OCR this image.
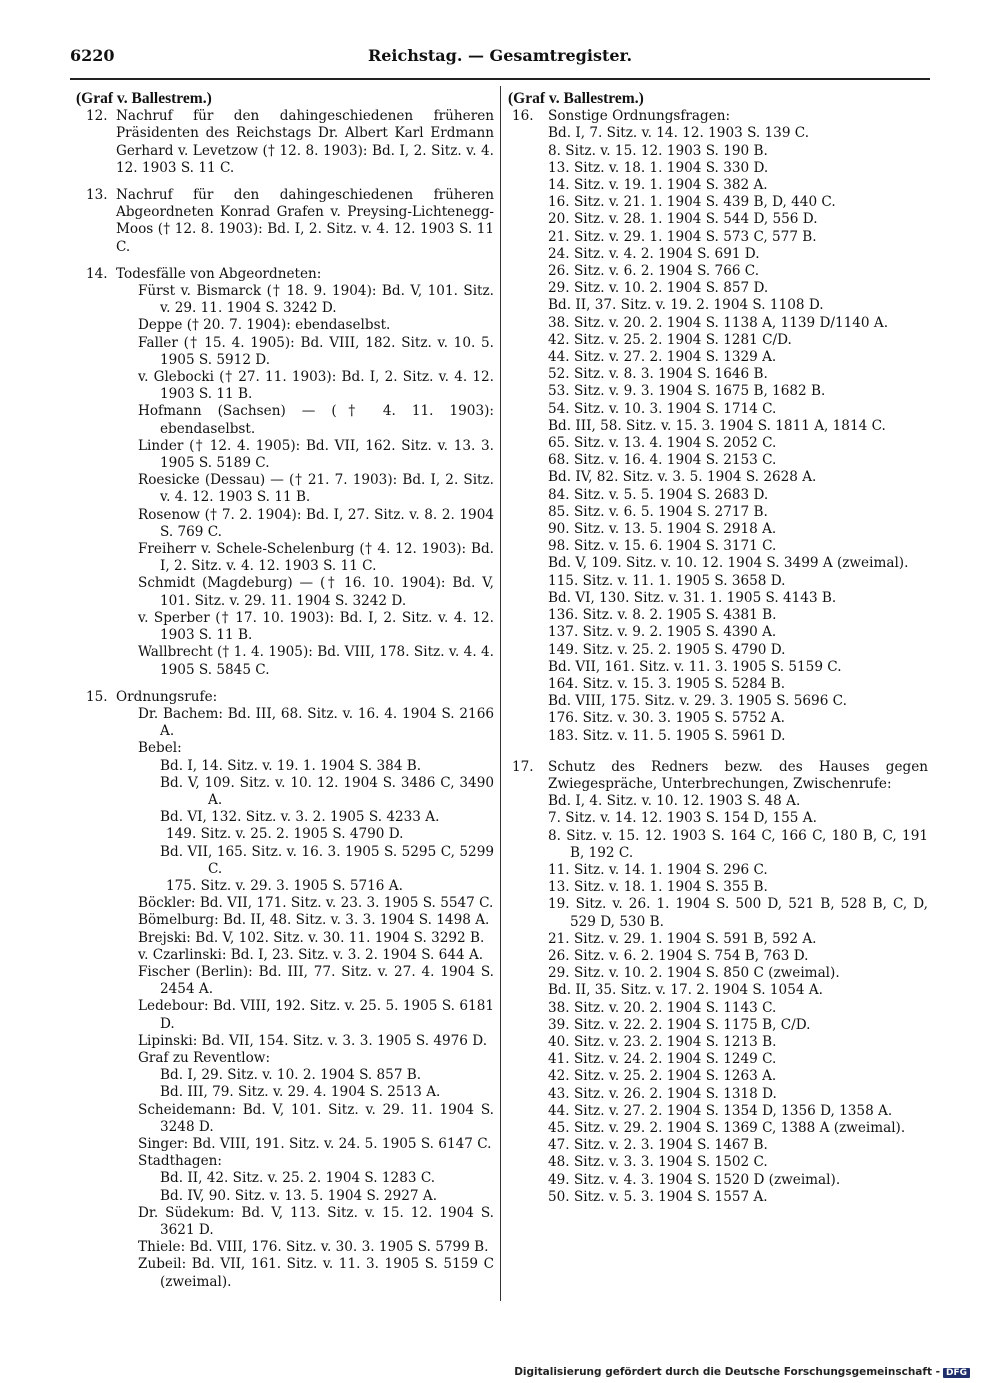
6220	Reichstag. — Gesamtregister.
(Graf v. Ballestrem.)
12. Nachruf für den dahingeschiedenen früheren Präsidenten des Reichstags Dr. Albert Karl Erdmann Gerhard v. Levetzow († 12. 8. 1903): Bd. I, 2. Sitz. v. 4. 12. 1903 S. 11 C.
13. Nachruf für den dahingeschiedenen früheren Abgeordneten Konrad Grafen v. Preysing-Lichtenegg-Moos († 12. 8. 1903): Bd. I, 2. Sitz. v. 4. 12. 1903 S. 11 C.
14. Todesfälle von Abgeordneten:
Fürst v. Bismarck († 18. 9. 1904): Bd. V, 101. Sitz. v. 29. 11. 1904 S. 3242 D.
Deppe († 20. 7. 1904): ebendaselbst.
Faller († 15. 4. 1905): Bd. VIII, 182. Sitz. v. 10. 5. 1905 S. 5912 D.
v. Glebocki († 27. 11. 1903): Bd. I, 2. Sitz. v. 4. 12. 1903 S. 11 B.
Hofmann (Sachsen) — († 4. 11. 1903): ebendaselbst.
Linder († 12. 4. 1905): Bd. VII, 162. Sitz. v. 13. 3. 1905 S. 5189 C.
Roesicke (Dessau) — († 21. 7. 1903): Bd. I, 2. Sitz. v. 4. 12. 1903 S. 11 B.
Rosenow († 7. 2. 1904): Bd. I, 27. Sitz. v. 8. 2. 1904 S. 769 C.
Freiherr v. Schele-Schelenburg († 4. 12. 1903): Bd. I, 2. Sitz. v. 4. 12. 1903 S. 11 C.
Schmidt (Magdeburg) — († 16. 10. 1904): Bd. V, 101. Sitz. v. 29. 11. 1904 S. 3242 D.
v. Sperber († 17. 10. 1903): Bd. I, 2. Sitz. v. 4. 12. 1903 S. 11 B.
Wallbrecht († 1. 4. 1905): Bd. VIII, 178. Sitz. v. 4. 4. 1905 S. 5845 C.
15. Ordnungsrufe:
Dr. Bachem: Bd. III, 68. Sitz. v. 16. 4. 1904 S. 2166 A.
Bebel:
Bd. I, 14. Sitz. v. 19. 1. 1904 S. 384 B.
Bd. V, 109. Sitz. v. 10. 12. 1904 S. 3486 C, 3490 A.
Bd. VI, 132. Sitz. v. 3. 2. 1905 S. 4233 A.
149. Sitz. v. 25. 2. 1905 S. 4790 D.
Bd. VII, 165. Sitz. v. 16. 3. 1905 S. 5295 C, 5299 C.
175. Sitz. v. 29. 3. 1905 S. 5716 A.
Böckler: Bd. VII, 171. Sitz. v. 23. 3. 1905 S. 5547 C.
Bömelburg: Bd. II, 48. Sitz. v. 3. 3. 1904 S. 1498 A.
Brejski: Bd. V, 102. Sitz. v. 30. 11. 1904 S. 3292 B.
v. Czarlinski: Bd. I, 23. Sitz. v. 3. 2. 1904 S. 644 A.
Fischer (Berlin): Bd. III, 77. Sitz. v. 27. 4. 1904 S. 2454 A.
Ledebour: Bd. VIII, 192. Sitz. v. 25. 5. 1905 S. 6181 D.
Lipinski: Bd. VII, 154. Sitz. v. 3. 3. 1905 S. 4976 D.
Graf zu Reventlow:
Bd. I, 29. Sitz. v. 10. 2. 1904 S. 857 B.
Bd. III, 79. Sitz. v. 29. 4. 1904 S. 2513 A.
Scheidemann: Bd. V, 101. Sitz. v. 29. 11. 1904 S. 3248 D.
Singer: Bd. VIII, 191. Sitz. v. 24. 5. 1905 S. 6147 C.
Stadthagen:
Bd. II, 42. Sitz. v. 25. 2. 1904 S. 1283 C.
Bd. IV, 90. Sitz. v. 13. 5. 1904 S. 2927 A.
Dr. Südekum: Bd. V, 113. Sitz. v. 15. 12. 1904 S. 3621 D.
Thiele: Bd. VIII, 176. Sitz. v. 30. 3. 1905 S. 5799 B.
Zubeil: Bd. VII, 161. Sitz. v. 11. 3. 1905 S. 5159 C (zweimal).
(Graf v. Ballestrem.)
16. Sonstige Ordnungsfragen:
Bd. I, 7. Sitz. v. 14. 12. 1903 S. 139 C.
8. Sitz. v. 15. 12. 1903 S. 190 B.
13. Sitz. v. 18. 1. 1904 S. 330 D.
14. Sitz. v. 19. 1. 1904 S. 382 A.
16. Sitz. v. 21. 1. 1904 S. 439 B, D, 440 C.
20. Sitz. v. 28. 1. 1904 S. 544 D, 556 D.
21. Sitz. v. 29. 1. 1904 S. 573 C, 577 B.
24. Sitz. v. 4. 2. 1904 S. 691 D.
26. Sitz. v. 6. 2. 1904 S. 766 C.
29. Sitz. v. 10. 2. 1904 S. 857 D.
Bd. II, 37. Sitz. v. 19. 2. 1904 S. 1108 D.
38. Sitz. v. 20. 2. 1904 S. 1138 A, 1139 D/1140 A.
42. Sitz. v. 25. 2. 1904 S. 1281 C/D.
44. Sitz. v. 27. 2. 1904 S. 1329 A.
52. Sitz. v. 8. 3. 1904 S. 1646 B.
53. Sitz. v. 9. 3. 1904 S. 1675 B, 1682 B.
54. Sitz. v. 10. 3. 1904 S. 1714 C.
Bd. III, 58. Sitz. v. 15. 3. 1904 S. 1811 A, 1814 C.
65. Sitz. v. 13. 4. 1904 S. 2052 C.
68. Sitz. v. 16. 4. 1904 S. 2153 C.
Bd. IV, 82. Sitz. v. 3. 5. 1904 S. 2628 A.
84. Sitz. v. 5. 5. 1904 S. 2683 D.
85. Sitz. v. 6. 5. 1904 S. 2717 B.
90. Sitz. v. 13. 5. 1904 S. 2918 A.
98. Sitz. v. 15. 6. 1904 S. 3171 C.
Bd. V, 109. Sitz. v. 10. 12. 1904 S. 3499 A (zweimal).
115. Sitz. v. 11. 1. 1905 S. 3658 D.
Bd. VI, 130. Sitz. v. 31. 1. 1905 S. 4143 B.
136. Sitz. v. 8. 2. 1905 S. 4381 B.
137. Sitz. v. 9. 2. 1905 S. 4390 A.
149. Sitz. v. 25. 2. 1905 S. 4790 D.
Bd. VII, 161. Sitz. v. 11. 3. 1905 S. 5159 C.
164. Sitz. v. 15. 3. 1905 S. 5284 B.
Bd. VIII, 175. Sitz. v. 29. 3. 1905 S. 5696 C.
176. Sitz. v. 30. 3. 1905 S. 5752 A.
183. Sitz. v. 11. 5. 1905 S. 5961 D.
17. Schutz des Redners bezw. des Hauses gegen Zwiegespräche, Unterbrechungen, Zwischenrufe:
Bd. I, 4. Sitz. v. 10. 12. 1903 S. 48 A.
7. Sitz. v. 14. 12. 1903 S. 154 D, 155 A.
8. Sitz. v. 15. 12. 1903 S. 164 C, 166 C, 180 B, C, 191 B, 192 C.
11. Sitz. v. 14. 1. 1904 S. 296 C.
13. Sitz. v. 18. 1. 1904 S. 355 B.
19. Sitz. v. 26. 1. 1904 S. 500 D, 521 B, 528 B, C, D, 529 D, 530 B.
21. Sitz. v. 29. 1. 1904 S. 591 B, 592 A.
26. Sitz. v. 6. 2. 1904 S. 754 B, 763 D.
29. Sitz. v. 10. 2. 1904 S. 850 C (zweimal).
Bd. II, 35. Sitz. v. 17. 2. 1904 S. 1054 A.
38. Sitz. v. 20. 2. 1904 S. 1143 C.
39. Sitz. v. 22. 2. 1904 S. 1175 B, C/D.
40. Sitz. v. 23. 2. 1904 S. 1213 B.
41. Sitz. v. 24. 2. 1904 S. 1249 C.
42. Sitz. v. 25. 2. 1904 S. 1263 A.
43. Sitz. v. 26. 2. 1904 S. 1318 D.
44. Sitz. v. 27. 2. 1904 S. 1354 D, 1356 D, 1358 A.
45. Sitz. v. 29. 2. 1904 S. 1369 C, 1388 A (zweimal).
47. Sitz. v. 2. 3. 1904 S. 1467 B.
48. Sitz. v. 3. 3. 1904 S. 1502 C.
49. Sitz. v. 4. 3. 1904 S. 1520 D (zweimal).
50. Sitz. v. 5. 3. 1904 S. 1557 A.
Digitalisierung gefördert durch die Deutsche Forschungsgemeinschaft - DFG
